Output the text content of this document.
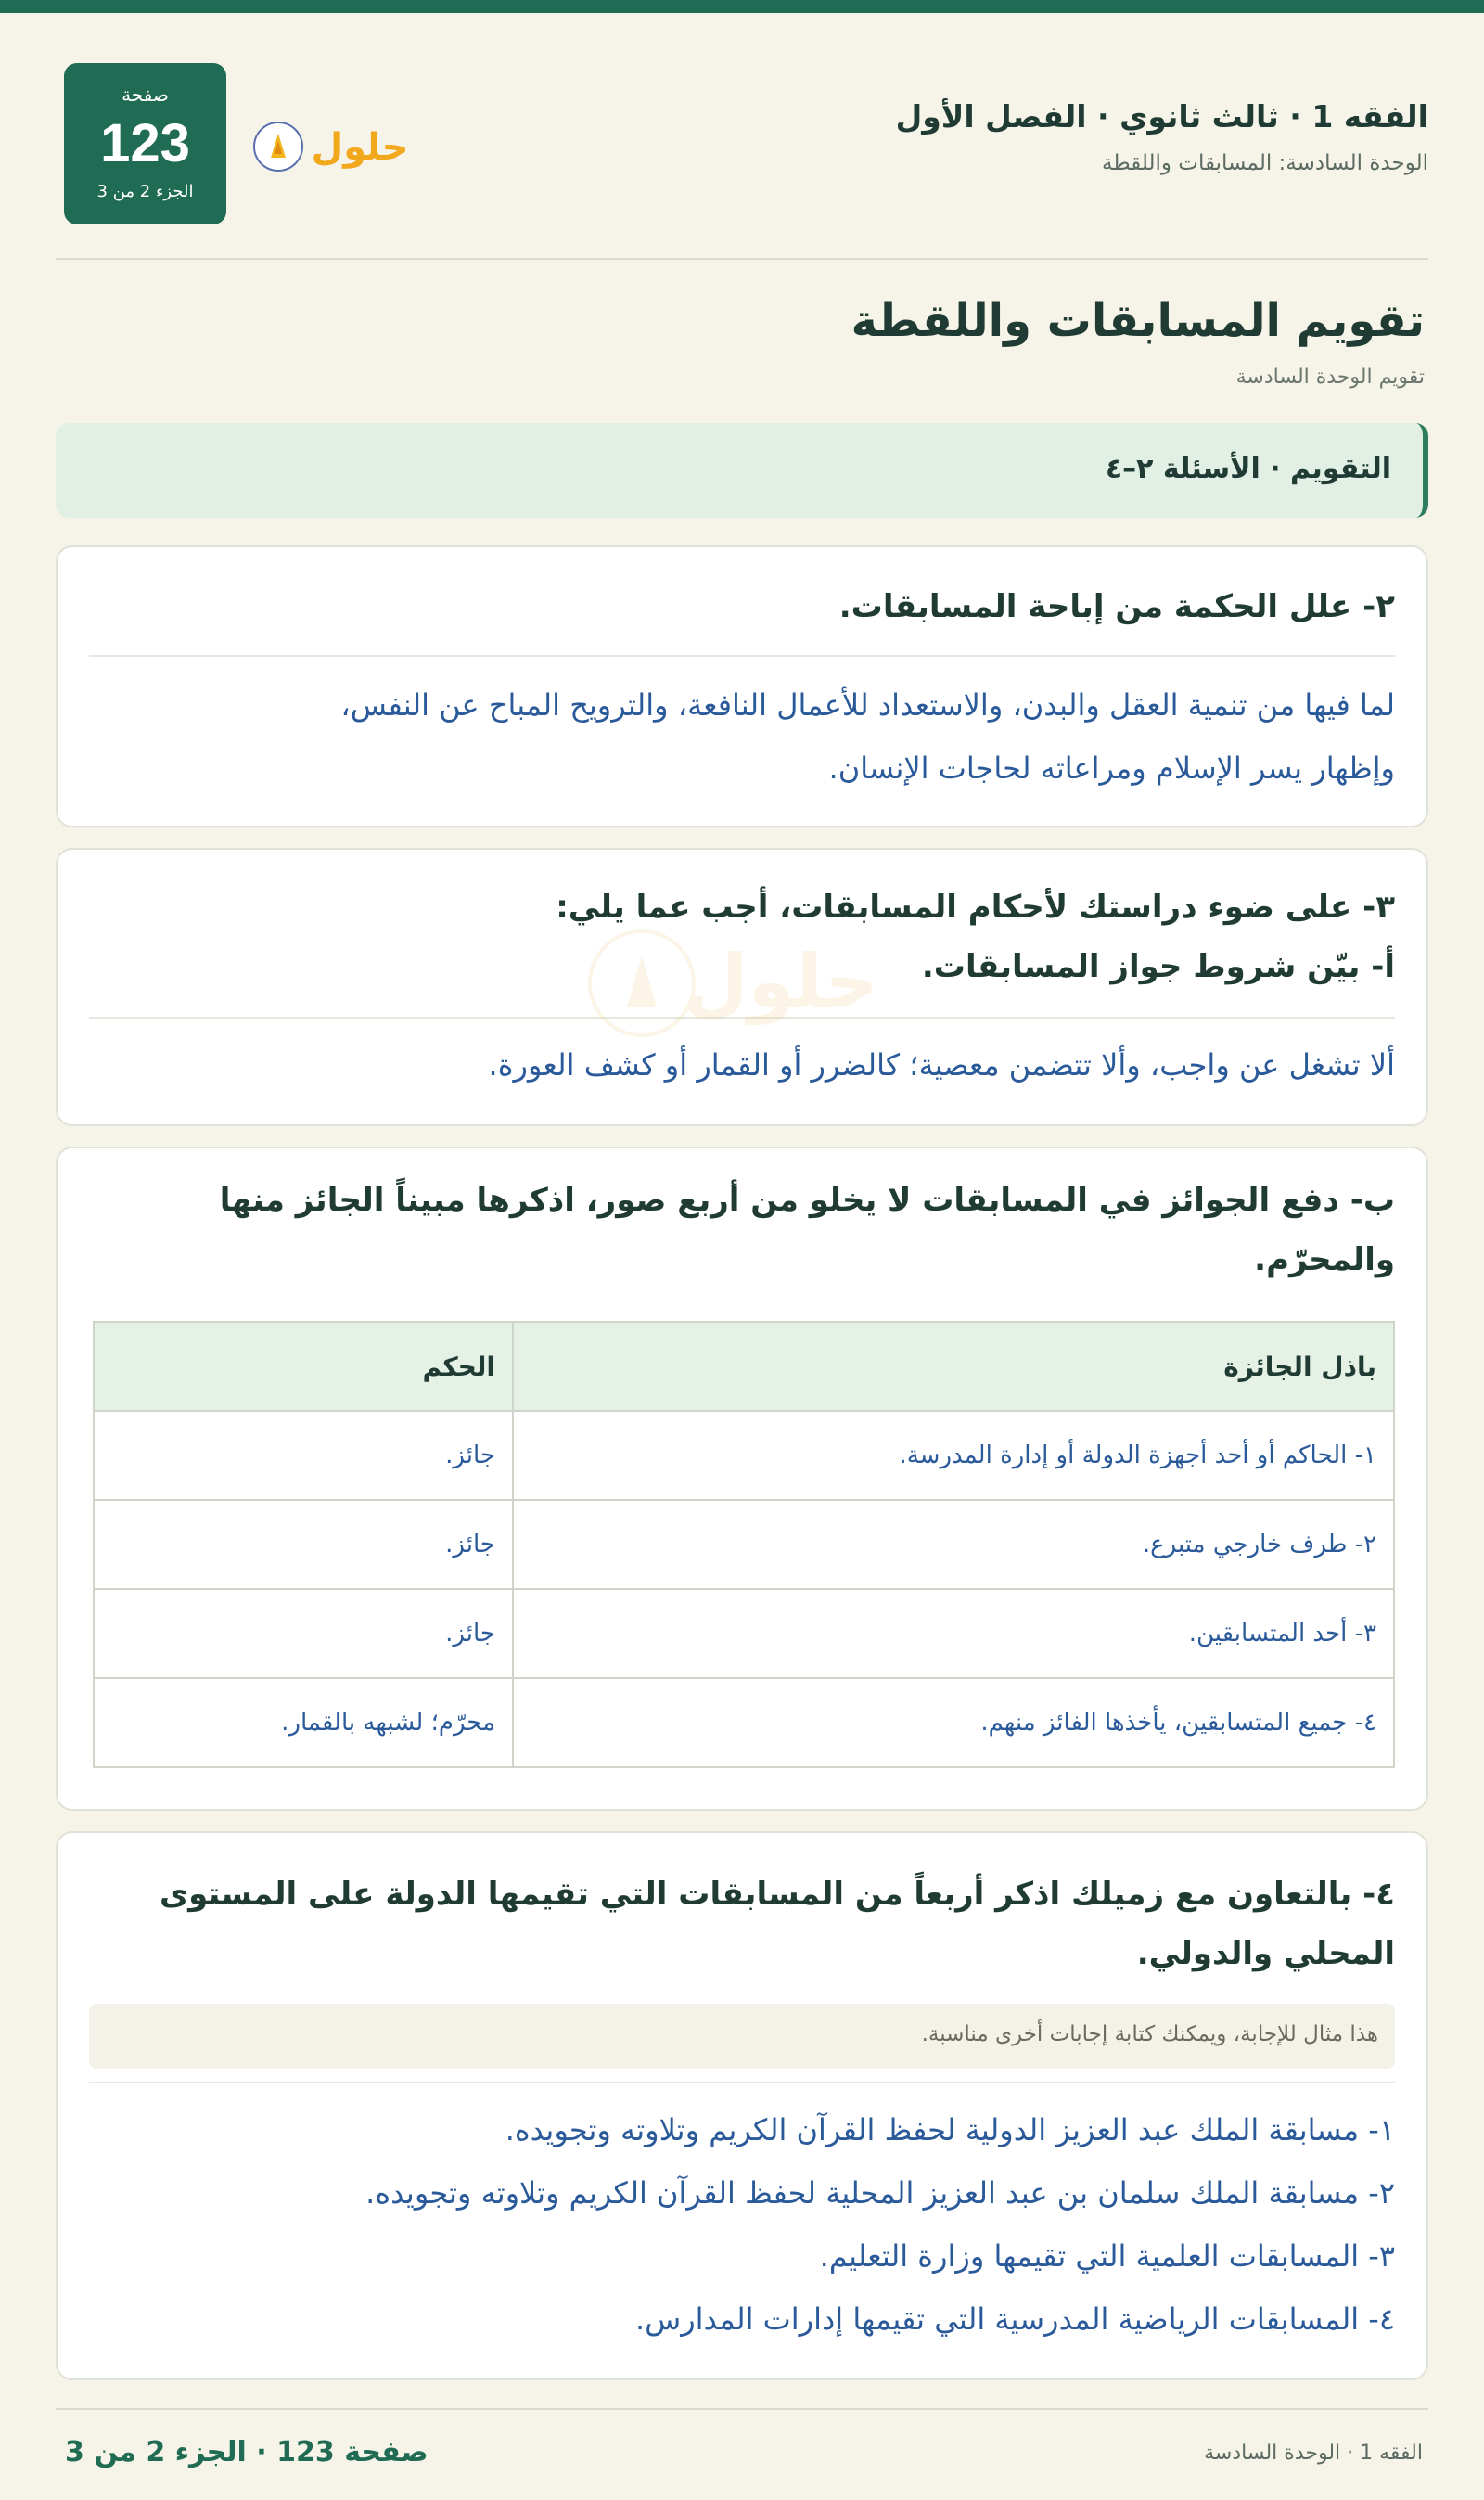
الفقه 1 · ثالث ثانوي · الفصل الأول
الوحدة السادسة: المسابقات واللقطة
حلول
صفحة
123
الجزء 2 من 3
تقويم المسابقات واللقطة
تقويم الوحدة السادسة
التقويم · الأسئلة ٢–٤
٢- علل الحكمة من إباحة المسابقات.
لما فيها من تنمية العقل والبدن، والاستعداد للأعمال النافعة، والترويح المباح عن النفس،
وإظهار يسر الإسلام ومراعاته لحاجات الإنسان.
٣- على ضوء دراستك لأحكام المسابقات، أجب عما يلي:
أ- بيّن شروط جواز المسابقات.
ألا تشغل عن واجب، وألا تتضمن معصية؛ كالضرر أو القمار أو كشف العورة.
حلول
ب- دفع الجوائز في المسابقات لا يخلو من أربع صور، اذكرها مبيناً الجائز منها
والمحرّم.
باذل الجائزة	الحكم
١- الحاكم أو أحد أجهزة الدولة أو إدارة المدرسة.	جائز.
٢- طرف خارجي متبرع.	جائز.
٣- أحد المتسابقين.	جائز.
٤- جميع المتسابقين، يأخذها الفائز منهم.	محرّم؛ لشبهه بالقمار.
٤- بالتعاون مع زميلك اذكر أربعاً من المسابقات التي تقيمها الدولة على المستوى
المحلي والدولي.
هذا مثال للإجابة، ويمكنك كتابة إجابات أخرى مناسبة.
١- مسابقة الملك عبد العزيز الدولية لحفظ القرآن الكريم وتلاوته وتجويده.
٢- مسابقة الملك سلمان بن عبد العزيز المحلية لحفظ القرآن الكريم وتلاوته وتجويده.
٣- المسابقات العلمية التي تقيمها وزارة التعليم.
٤- المسابقات الرياضية المدرسية التي تقيمها إدارات المدارس.
الفقه 1 · الوحدة السادسة
صفحة 123 · الجزء 2 من 3
